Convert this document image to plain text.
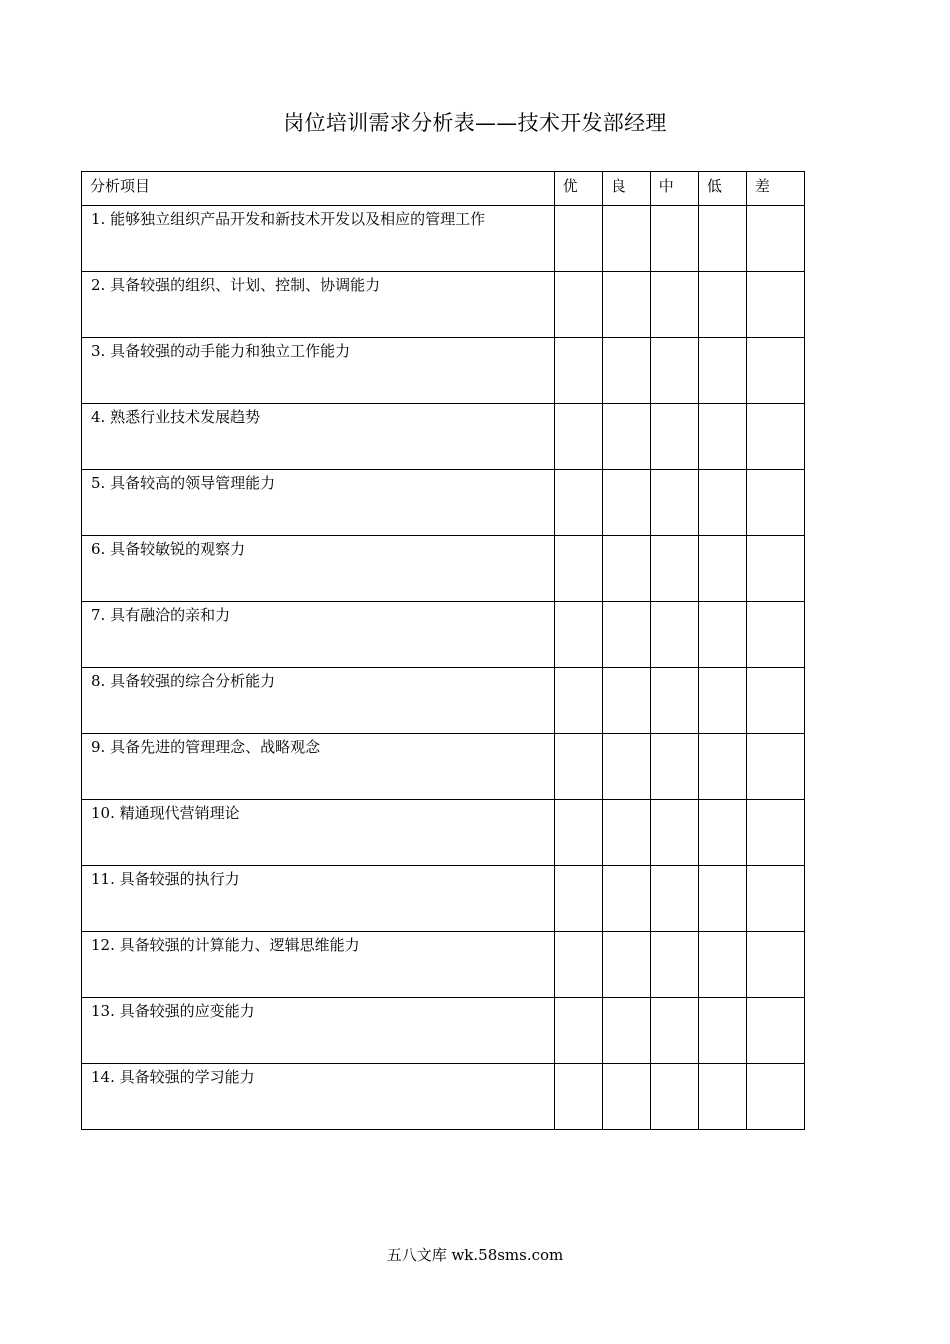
岗位培训需求分析表——技术开发部经理
分析项目	优	良	中	低	差
1. 能够独立组织产品开发和新技术开发以及相应的管理工作					
2. 具备较强的组织、计划、控制、协调能力					
3. 具备较强的动手能力和独立工作能力					
4. 熟悉行业技术发展趋势					
5. 具备较高的领导管理能力					
6. 具备较敏锐的观察力					
7. 具有融洽的亲和力					
8. 具备较强的综合分析能力					
9. 具备先进的管理理念、战略观念					
10. 精通现代营销理论					
11. 具备较强的执行力					
12. 具备较强的计算能力、逻辑思维能力					
13. 具备较强的应变能力					
14. 具备较强的学习能力					
五八文库 wk.58sms.com
